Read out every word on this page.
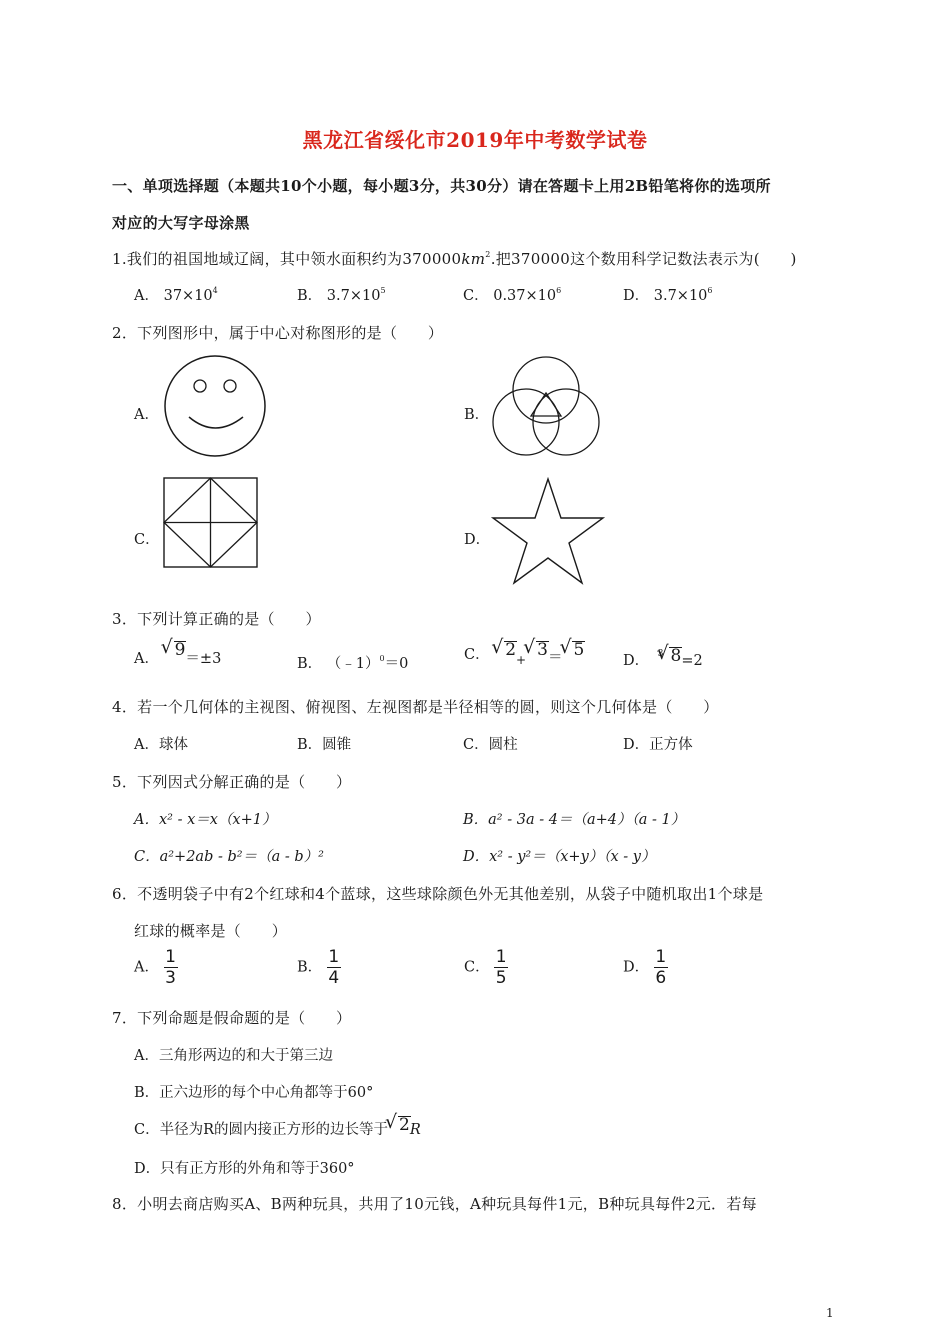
黑龙江省绥化市2019年中考数学试卷
一、单项选择题（本题共10个小题，每小题3分，共30分）请在答题卡上用2B铅笔将你的选项所
对应的大写字母涂黑
1.我们的祖国地域辽阔，其中领水面积约为$370000km^2$.把370000这个数用科学记数法表示为(　　)
A． $37\times 10^4$	B． $3.7\times 10^5$	C． $0.37\times 10^6$	D． $3.7\times 10^6$
2．下列图形中，属于中心对称图形的是（　　）
A．	B．
C．	D．
3．下列计算正确的是（　　）
A． √ 9＝±3	B． （﹣1）$^0$＝0
C． √ $2_+√$ 3＝√ 5
D． $^3$√ 8=2
4．若一个几何体的主视图、俯视图、左视图都是半径相等的圆，则这个几何体是（　　）
A．球体	B．圆锥	C．圆柱	D．正方体
5．下列因式分解正确的是（　　）
A．x² - x＝x（x+1）	B．a² - 3a - 4＝（a+4）（a - 1）
C．a²+2ab - b²＝（a - b）²	D．x² - y²＝（x+y）（x - y）
6．不透明袋子中有2个红球和4个蓝球，这些球除颜色外无其他差别，从袋子中随机取出1个球是
红球的概率是（　　）
A． $\frac{1}{3}$	B． $\frac{1}{4}$	C． $\frac{1}{5}$	D． $\frac{1}{6}$
7．下列命题是假命题的是（　　）
A．三角形两边的和大于第三边
B．正六边形的每个中心角都等于60°
C．半径为R的圆内接正方形的边长等于√ 2R
D．只有正方形的外角和等于360°
8．小明去商店购买A、B两种玩具，共用了10元钱，A种玩具每件1元，B种玩具每件2元．若每
1
